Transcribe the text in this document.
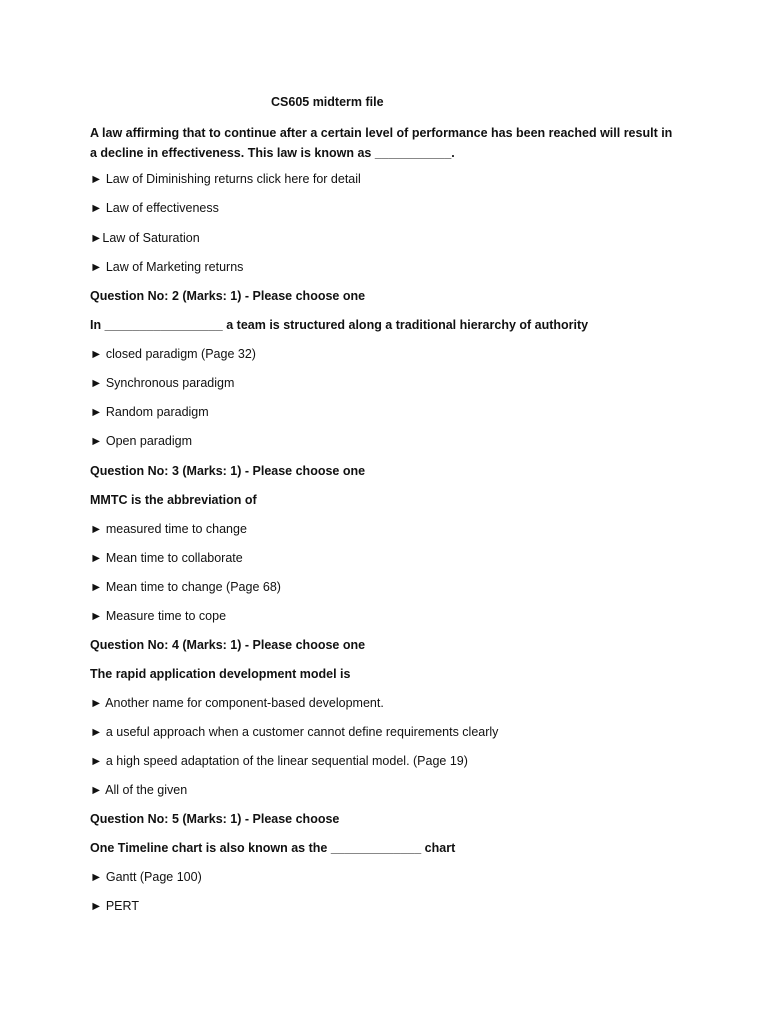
CS605 midterm file
A law affirming that to continue after a certain level of performance has been reached will result in a decline in effectiveness. This law is known as ___________.
► Law of Diminishing returns click here for detail
► Law of effectiveness
►Law of Saturation
► Law of Marketing returns
Question No: 2 (Marks: 1) - Please choose one
In _________________ a team is structured along a traditional hierarchy of authority
► closed paradigm (Page 32)
► Synchronous paradigm
► Random paradigm
► Open paradigm
Question No: 3 (Marks: 1) - Please choose one
MMTC is the abbreviation of
► measured time to change
► Mean time to collaborate
► Mean time to change (Page 68)
► Measure time to cope
Question No: 4 (Marks: 1) - Please choose one
The rapid application development model is
► Another name for component-based development.
► a useful approach when a customer cannot define requirements clearly
► a high speed adaptation of the linear sequential model. (Page 19)
► All of the given
Question No: 5 (Marks: 1) - Please choose
One Timeline chart is also known as the _____________ chart
► Gantt (Page 100)
► PERT
